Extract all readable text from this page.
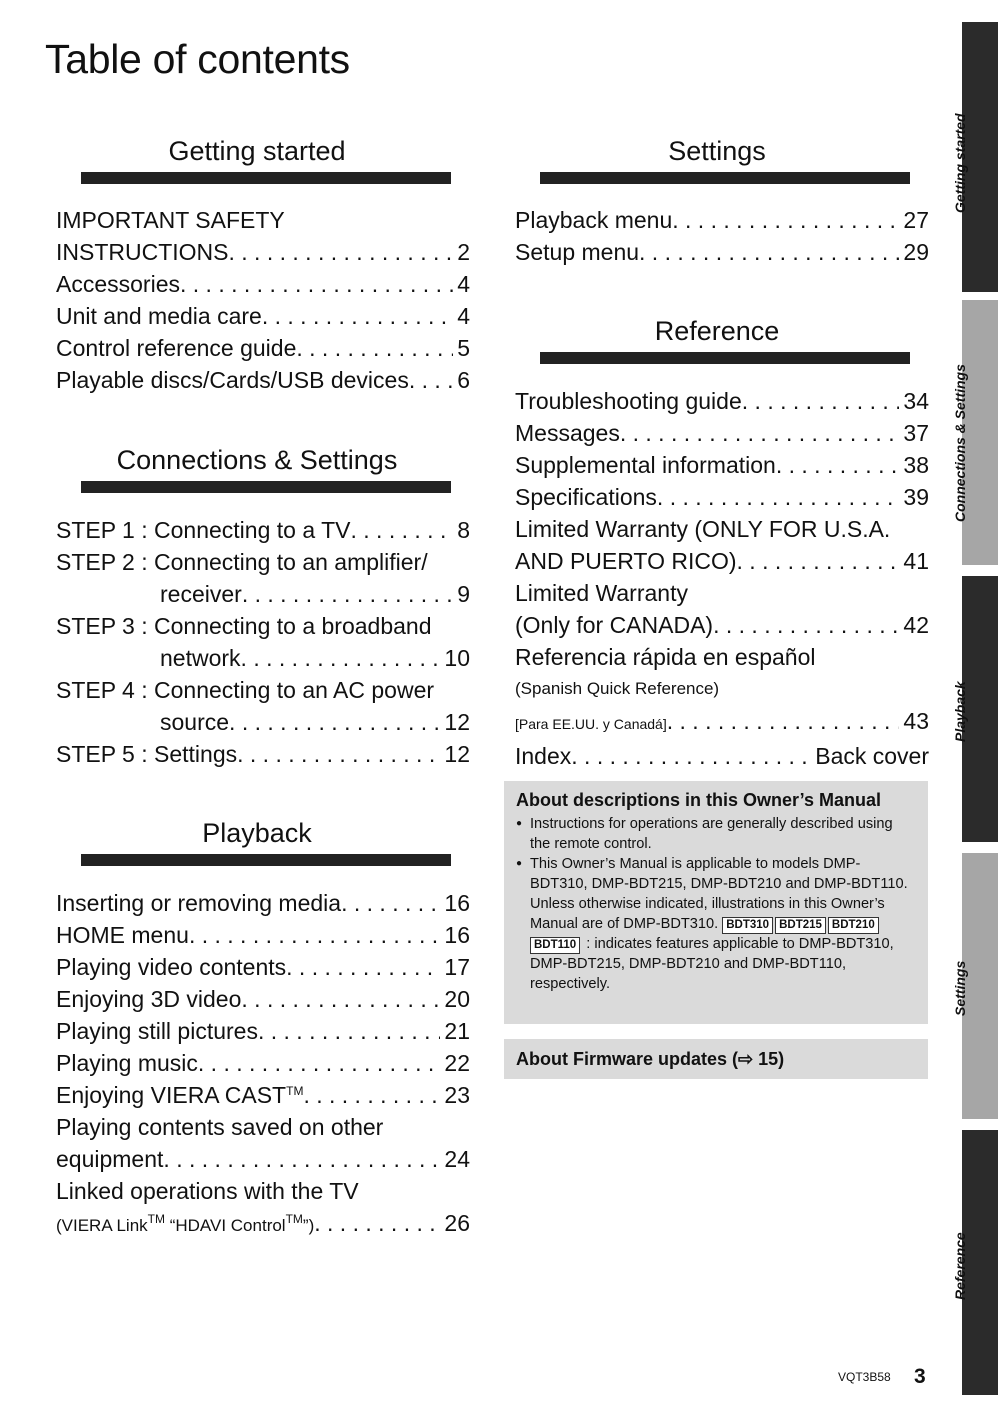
Table of contents
Getting started
IMPORTANT SAFETY
INSTRUCTIONS . . .	2
Accessories . . .	4
Unit and media care . . .	4
Control reference guide . . .	5
Playable discs/Cards/USB devices . . . 6
Connections & Settings
STEP 1 : Connecting to a TV . . .	8
STEP 2 : Connecting to an amplifier/
receiver . . .	9
STEP 3 : Connecting to a broadband
network . . .	10
STEP 4 : Connecting to an AC power
source . . .	12
STEP 5 : Settings . . .	12
Playback
Inserting or removing media . . .	16
HOME menu . . .	16
Playing video contents . . .	17
Enjoying 3D video . . .	20
Playing still pictures . . .	21
Playing music . . .	22
Enjoying VIERA CAST™ . . .	23
Playing contents saved on other
equipment . . .	24
Linked operations with the TV
(VIERA Link™ “HDAVI Control™”) . . .	26
Settings
Playback menu . . .	27
Setup menu . . .	29
Reference
Troubleshooting guide . . .	34
Messages . . .	37
Supplemental information . . .	38
Specifications . . .	39
Limited Warranty (ONLY FOR U.S.A.
AND PUERTO RICO) . . .	41
Limited Warranty
(Only for CANADA) . . .	42
Referencia rápida en español
(Spanish Quick Reference)
[Para EE.UU. y Canadá] . . .	43
Index . . .	Back cover
About descriptions in this Owner’s Manual
● Instructions for operations are generally described using the remote control.
● This Owner’s Manual is applicable to models DMP-BDT310, DMP-BDT215, DMP-BDT210 and DMP-BDT110. Unless otherwise indicated, illustrations in this Owner’s Manual are of DMP-BDT310. BDT310 BDT215 BDT210BDT110 : indicates features applicable to DMP-BDT310, DMP-BDT215, DMP-BDT210 and DMP-BDT110, respectively.
About Firmware updates (⇨ 15)
Getting started
Connections & Settings
Playback
Settings
Reference
VQT3B58 3
